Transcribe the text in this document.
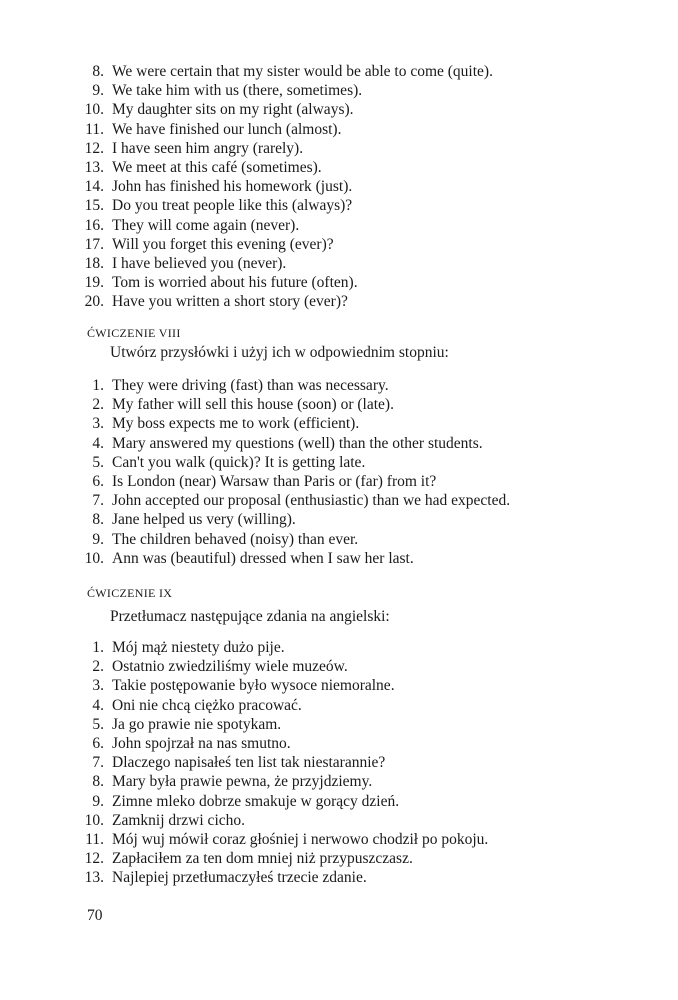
8. We were certain that my sister would be able to come (quite).
9. We take him with us (there, sometimes).
10. My daughter sits on my right (always).
11. We have finished our lunch (almost).
12. I have seen him angry (rarely).
13. We meet at this café (sometimes).
14. John has finished his homework (just).
15. Do you treat people like this (always)?
16. They will come again (never).
17. Will you forget this evening (ever)?
18. I have believed you (never).
19. Tom is worried about his future (often).
20. Have you written a short story (ever)?
ĆWICZENIE VIII

Utwórz przysłówki i użyj ich w odpowiednim stopniu:

1. They were driving (fast) than was necessary.
2. My father will sell this house (soon) or (late).
3. My boss expects me to work (efficient).
4. Mary answered my questions (well) than the other students.
5. Can't you walk (quick)? It is getting late.
6. Is London (near) Warsaw than Paris or (far) from it?
7. John accepted our proposal (enthusiastic) than we had expected.
8. Jane helped us very (willing).
9. The children behaved (noisy) than ever.
10. Ann was (beautiful) dressed when I saw her last.
ĆWICZENIE IX

Przetłumacz następujące zdania na angielski:

1. Mój mąż niestety dużo pije.
2. Ostatnio zwiedziliśmy wiele muzeów.
3. Takie postępowanie było wysoce niemoralne.
4. Oni nie chcą ciężko pracować.
5. Ja go prawie nie spotykam.
6. John spojrzał na nas smutno.
7. Dlaczego napisałeś ten list tak niestarannie?
8. Mary była prawie pewna, że przyjdziemy.
9. Zimne mleko dobrze smakuje w gorący dzień.
10. Zamknij drzwi cicho.
11. Mój wuj mówił coraz głośniej i nerwowo chodził po pokoju.
12. Zapłaciłem za ten dom mniej niż przypuszczasz.
13. Najlepiej przetłumaczyłeś trzecie zdanie.

70
